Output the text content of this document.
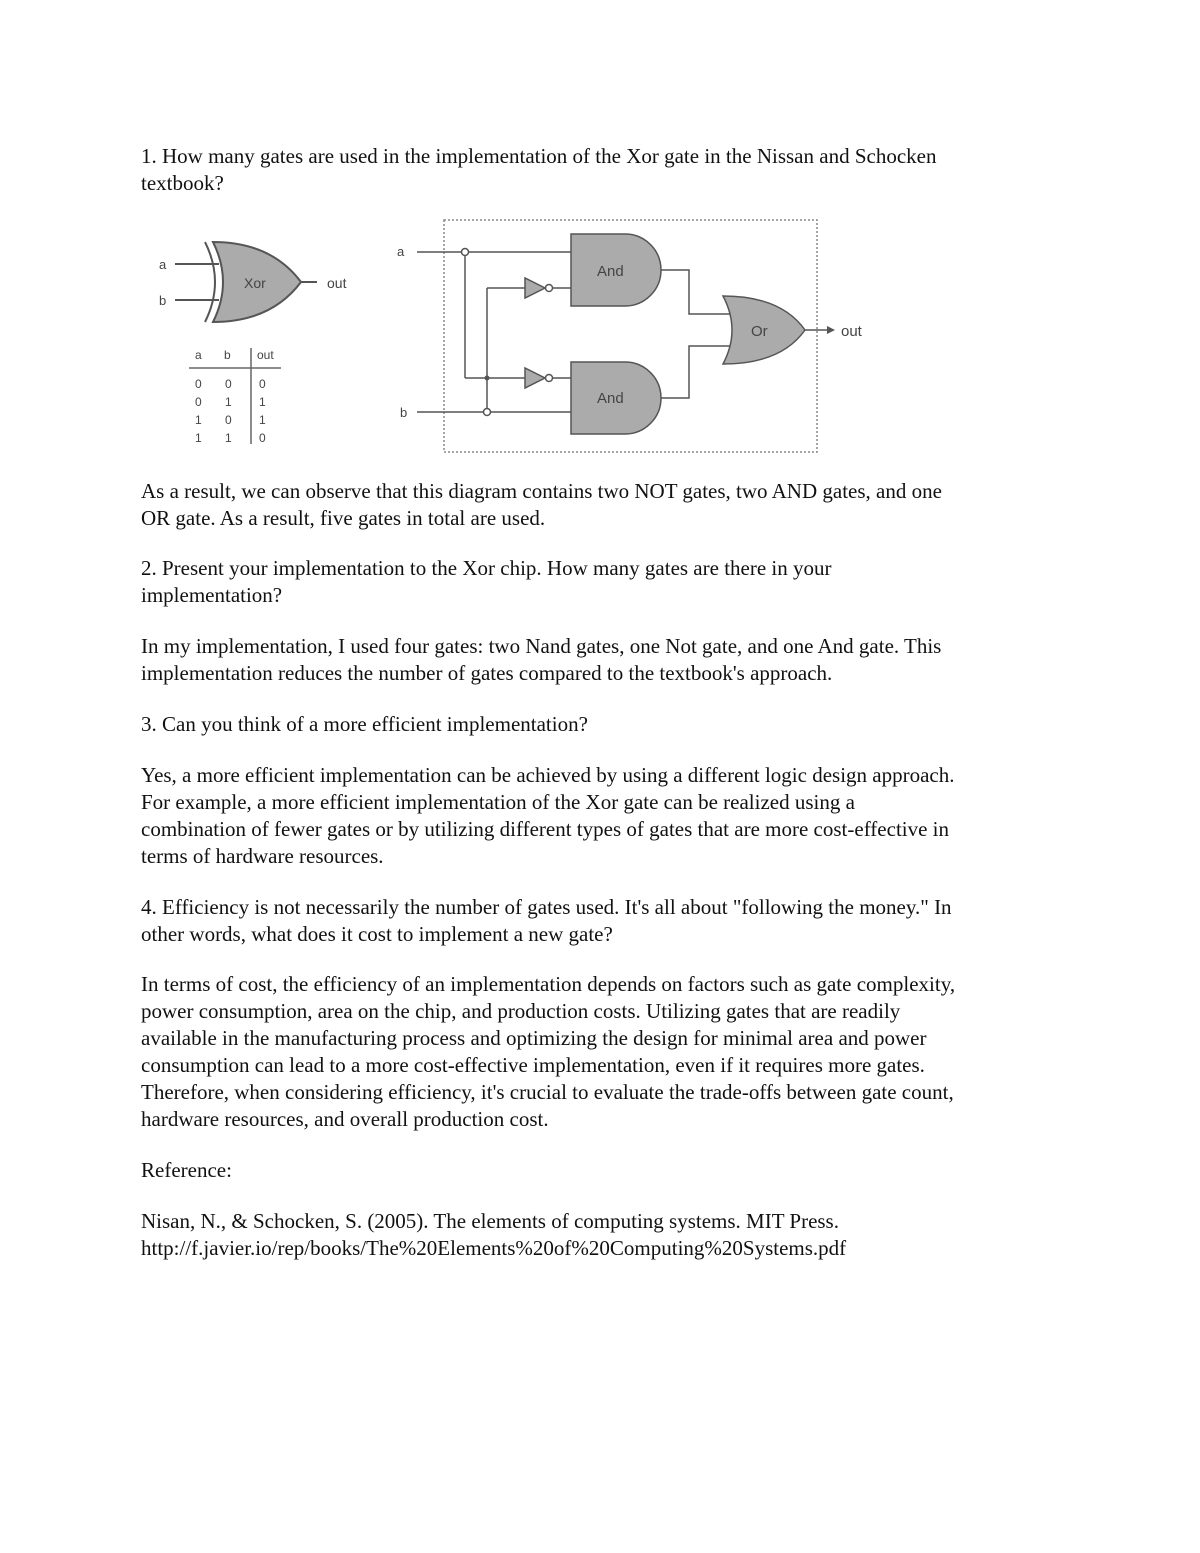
1. How many gates are used in the implementation of the Xor gate in the Nissan and Schocken
textbook?

a
b
Xor	out
a b out
0 0 0
0 1 1
1 0 1
1 1 0
a
b
And
And
Or	out

As a result, we can observe that this diagram contains two NOT gates, two AND gates, and one
OR gate. As a result, five gates in total are used.

2. Present your implementation to the Xor chip. How many gates are there in your
implementation?

In my implementation, I used four gates: two Nand gates, one Not gate, and one And gate. This
implementation reduces the number of gates compared to the textbook's approach.

3. Can you think of a more efficient implementation?

Yes, a more efficient implementation can be achieved by using a different logic design approach.
For example, a more efficient implementation of the Xor gate can be realized using a
combination of fewer gates or by utilizing different types of gates that are more cost-effective in
terms of hardware resources.

4. Efficiency is not necessarily the number of gates used. It's all about "following the money." In
other words, what does it cost to implement a new gate?

In terms of cost, the efficiency of an implementation depends on factors such as gate complexity,
power consumption, area on the chip, and production costs. Utilizing gates that are readily
available in the manufacturing process and optimizing the design for minimal area and power
consumption can lead to a more cost-effective implementation, even if it requires more gates.
Therefore, when considering efficiency, it's crucial to evaluate the trade-offs between gate count,
hardware resources, and overall production cost.

Reference:

Nisan, N., & Schocken, S. (2005). The elements of computing systems. MIT Press.
http://f.javier.io/rep/books/The%20Elements%20of%20Computing%20Systems.pdf
